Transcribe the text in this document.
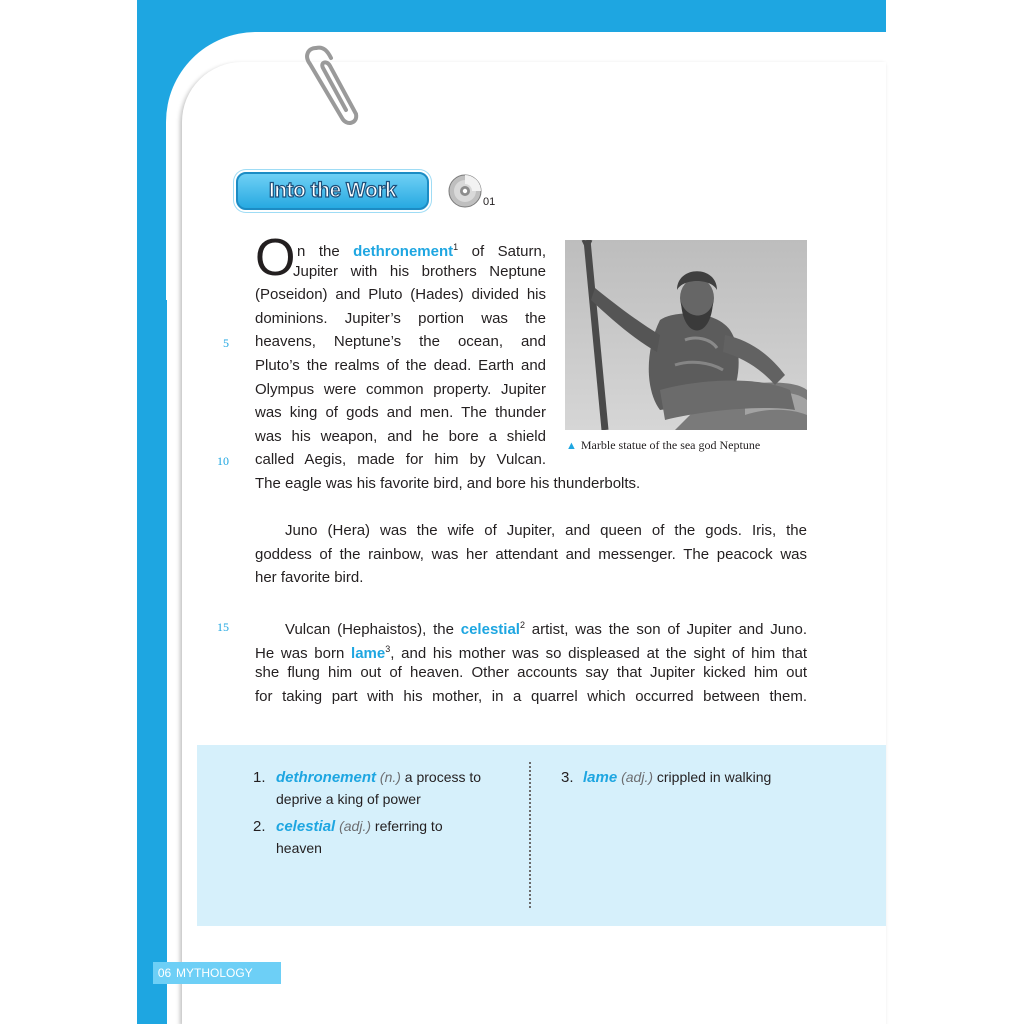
Into the Work	01
O n the dethronement$^1$ of Saturn,
Jupiter with his brothers Neptune
(Poseidon) and Pluto (Hades) divided his
dominions. Jupiter’s portion was the
heavens, Neptune’s the ocean, and
Pluto’s the realms of the dead. Earth and
Olympus were common property. Jupiter
was king of gods and men. The thunder
was his weapon, and he bore a shield
called Aegis, made for him by Vulcan.
The eagle was his favorite bird, and bore his thunderbolts.
Juno (Hera) was the wife of Jupiter, and queen of the gods. Iris, the
goddess of the rainbow, was her attendant and messenger. The peacock was
her favorite bird.
Vulcan (Hephaistos), the celestial$^2$ artist, was the son of Jupiter and Juno.
He was born lame$^3$, and his mother was so displeased at the sight of him that
she flung him out of heaven. Other accounts say that Jupiter kicked him out
for taking part with his mother, in a quarrel which occurred between them.
5
10
15
▲ Marble statue of the sea god Neptune
1. dethronement (n.) a process to
deprive a king of power
2. celestial (adj.) referring to
heaven
3. lame (adj.) crippled in walking
06 MYTHOLOGY
